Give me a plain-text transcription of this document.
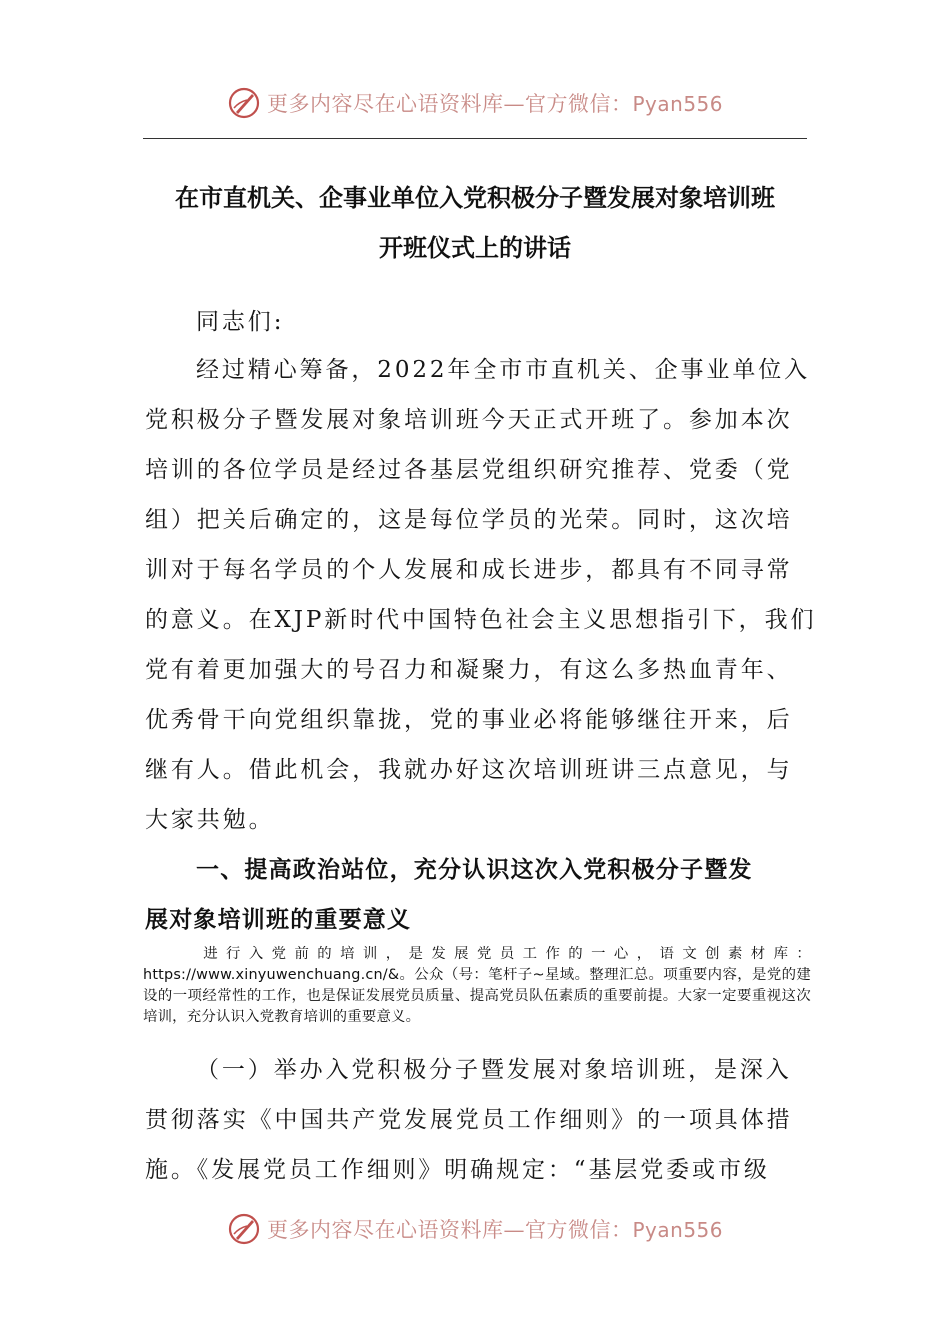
更多内容尽在心语资料库—官方微信：Pyan556
在市直机关、企事业单位入党积极分子暨发展对象培训班
开班仪式上的讲话

同志们:

经过精心筹备，2022年全市市直机关、企事业单位入

党积极分子暨发展对象培训班今天正式开班了。参加本次

培训的各位学员是经过各基层党组织研究推荐、党委（党

组）把关后确定的，这是每位学员的光荣。同时，这次培

训对于每名学员的个人发展和成长进步，都具有不同寻常

的意义。在XJP新时代中国特色社会主义思想指引下，我们

党有着更加强大的号召力和凝聚力，有这么多热血青年、

优秀骨干向党组织靠拢，党的事业必将能够继往开来，后

继有人。借此机会，我就办好这次培训班讲三点意见，与

大家共勉。

一、提高政治站位，充分认识这次入党积极分子暨发

展对象培训班的重要意义

进行入党前的培训，是发展党员工作的一心，语文创素材库：https://www.xinyuwenchuang.cn/&。公众（号：笔杆子~星域。整理汇总。项重要内容，是党的建设的一项经常性的工作，也是保证发展党员质量、提高党员队伍素质的重要前提。大家一定要重视这次培训，充分认识入党教育培训的重要意义。

（一）举办入党积极分子暨发展对象培训班，是深入

贯彻落实《中国共产党发展党员工作细则》的一项具体措

施。《发展党员工作细则》明确规定：“基层党委或市级

更多内容尽在心语资料库—官方微信：Pyan556
